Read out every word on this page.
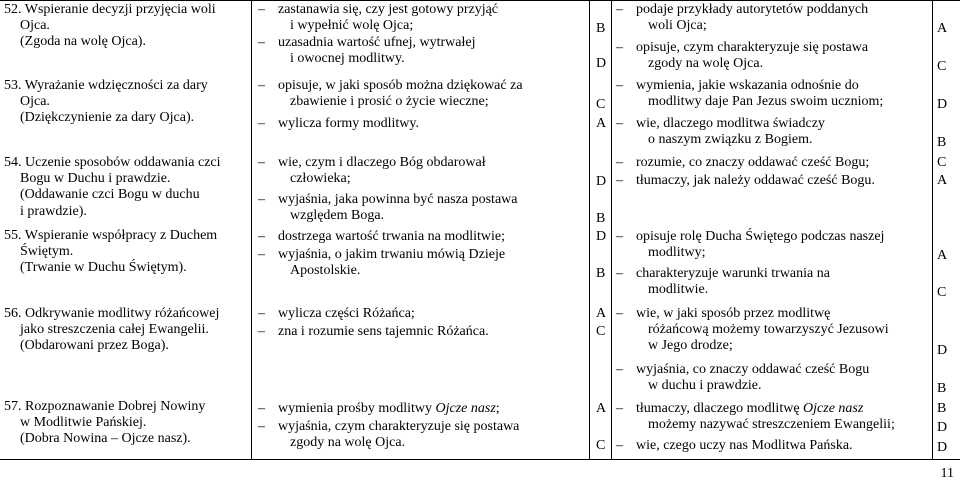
52. Wspieranie decyzji przyjęcia woli
Ojca.
(Zgoda na wolę Ojca).
53. Wyrażanie wdzięczności za dary
Ojca.
(Dziękczynienie za dary Ojca).
54. Uczenie sposobów oddawania czci
Bogu w Duchu i prawdzie.
(Oddawanie czci Bogu w duchu
i prawdzie).
55. Wspieranie współpracy z Duchem
Świętym.
(Trwanie w Duchu Świętym).
56. Odkrywanie modlitwy różańcowej
jako streszczenia całej Ewangelii.
(Obdarowani przez Boga).
57. Rozpoznawanie Dobrej Nowiny
w Modlitwie Pańskiej.
(Dobra Nowina – Ojcze nasz).
– zastanawia się, czy jest gotowy przyjąć
i wypełnić wolę Ojca;
– uzasadnia wartość ufnej, wytrwałej
i owocnej modlitwy.
– opisuje, w jaki sposób można dziękować za
zbawienie i prosić o życie wieczne;
– wylicza formy modlitwy.
– wie, czym i dlaczego Bóg obdarował
człowieka;
– wyjaśnia, jaka powinna być nasza postawa
względem Boga.
– dostrzega wartość trwania na modlitwie;
– wyjaśnia, o jakim trwaniu mówią Dzieje
Apostolskie.
– wylicza części Różańca;
– zna i rozumie sens tajemnic Różańca.
– wymienia prośby modlitwy Ojcze nasz;
– wyjaśnia, czym charakteryzuje się postawa
zgody na wolę Ojca.
B
D
C
A
D
B
D
B
A
C
A
C
– podaje przykłady autorytetów poddanych
woli Ojca;
– opisuje, czym charakteryzuje się postawa
zgody na wolę Ojca.
– wymienia, jakie wskazania odnośnie do
modlitwy daje Pan Jezus swoim uczniom;
– wie, dlaczego modlitwa świadczy
o naszym związku z Bogiem.
– rozumie, co znaczy oddawać cześć Bogu;
– tłumaczy, jak należy oddawać cześć Bogu.
– opisuje rolę Ducha Świętego podczas naszej
modlitwy;
– charakteryzuje warunki trwania na
modlitwie.
– wie, w jaki sposób przez modlitwę
różańcową możemy towarzyszyć Jezusowi
w Jego drodze;
– wyjaśnia, co znaczy oddawać cześć Bogu
w duchu i prawdzie.
– tłumaczy, dlaczego modlitwę Ojcze nasz
możemy nazywać streszczeniem Ewangelii;
– wie, czego uczy nas Modlitwa Pańska.
A
C
D
B
C
A
A
C
D
B
B
D
D
11
